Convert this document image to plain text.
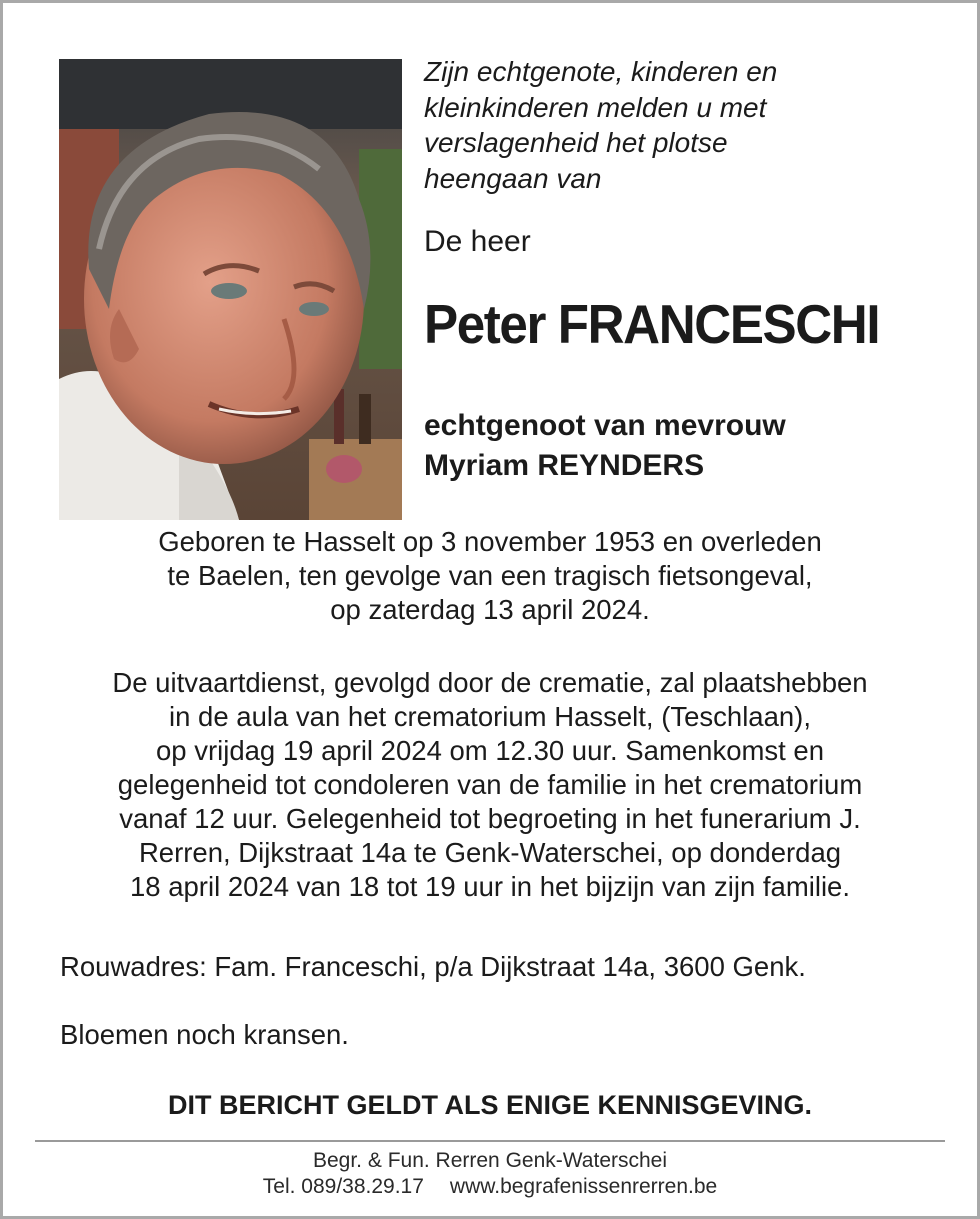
Zijn echtgenote, kinderen en
kleinkinderen melden u met
verslagenheid het plotse
heengaan van

De heer

Peter FRANCESCHI

echtgenoot van mevrouw
Myriam REYNDERS

Geboren te Hasselt op 3 november 1953 en overleden
te Baelen, ten gevolge van een tragisch fietsongeval,
op zaterdag 13 april 2024.

De uitvaartdienst, gevolgd door de crematie, zal plaatshebben
in de aula van het crematorium Hasselt, (Teschlaan),
op vrijdag 19 april 2024 om 12.30 uur. Samenkomst en
gelegenheid tot condoleren van de familie in het crematorium
vanaf 12 uur. Gelegenheid tot begroeting in het funerarium J.
Rerren, Dijkstraat 14a te Genk-Waterschei, op donderdag
18 april 2024 van 18 tot 19 uur in het bijzijn van zijn familie.

Rouwadres: Fam. Franceschi, p/a Dijkstraat 14a, 3600 Genk.

Bloemen noch kransen.

DIT BERICHT GELDT ALS ENIGE KENNISGEVING.

Begr. & Fun. Rerren Genk-Waterschei
Tel. 089/38.29.17 www.begrafenissenrerren.be
